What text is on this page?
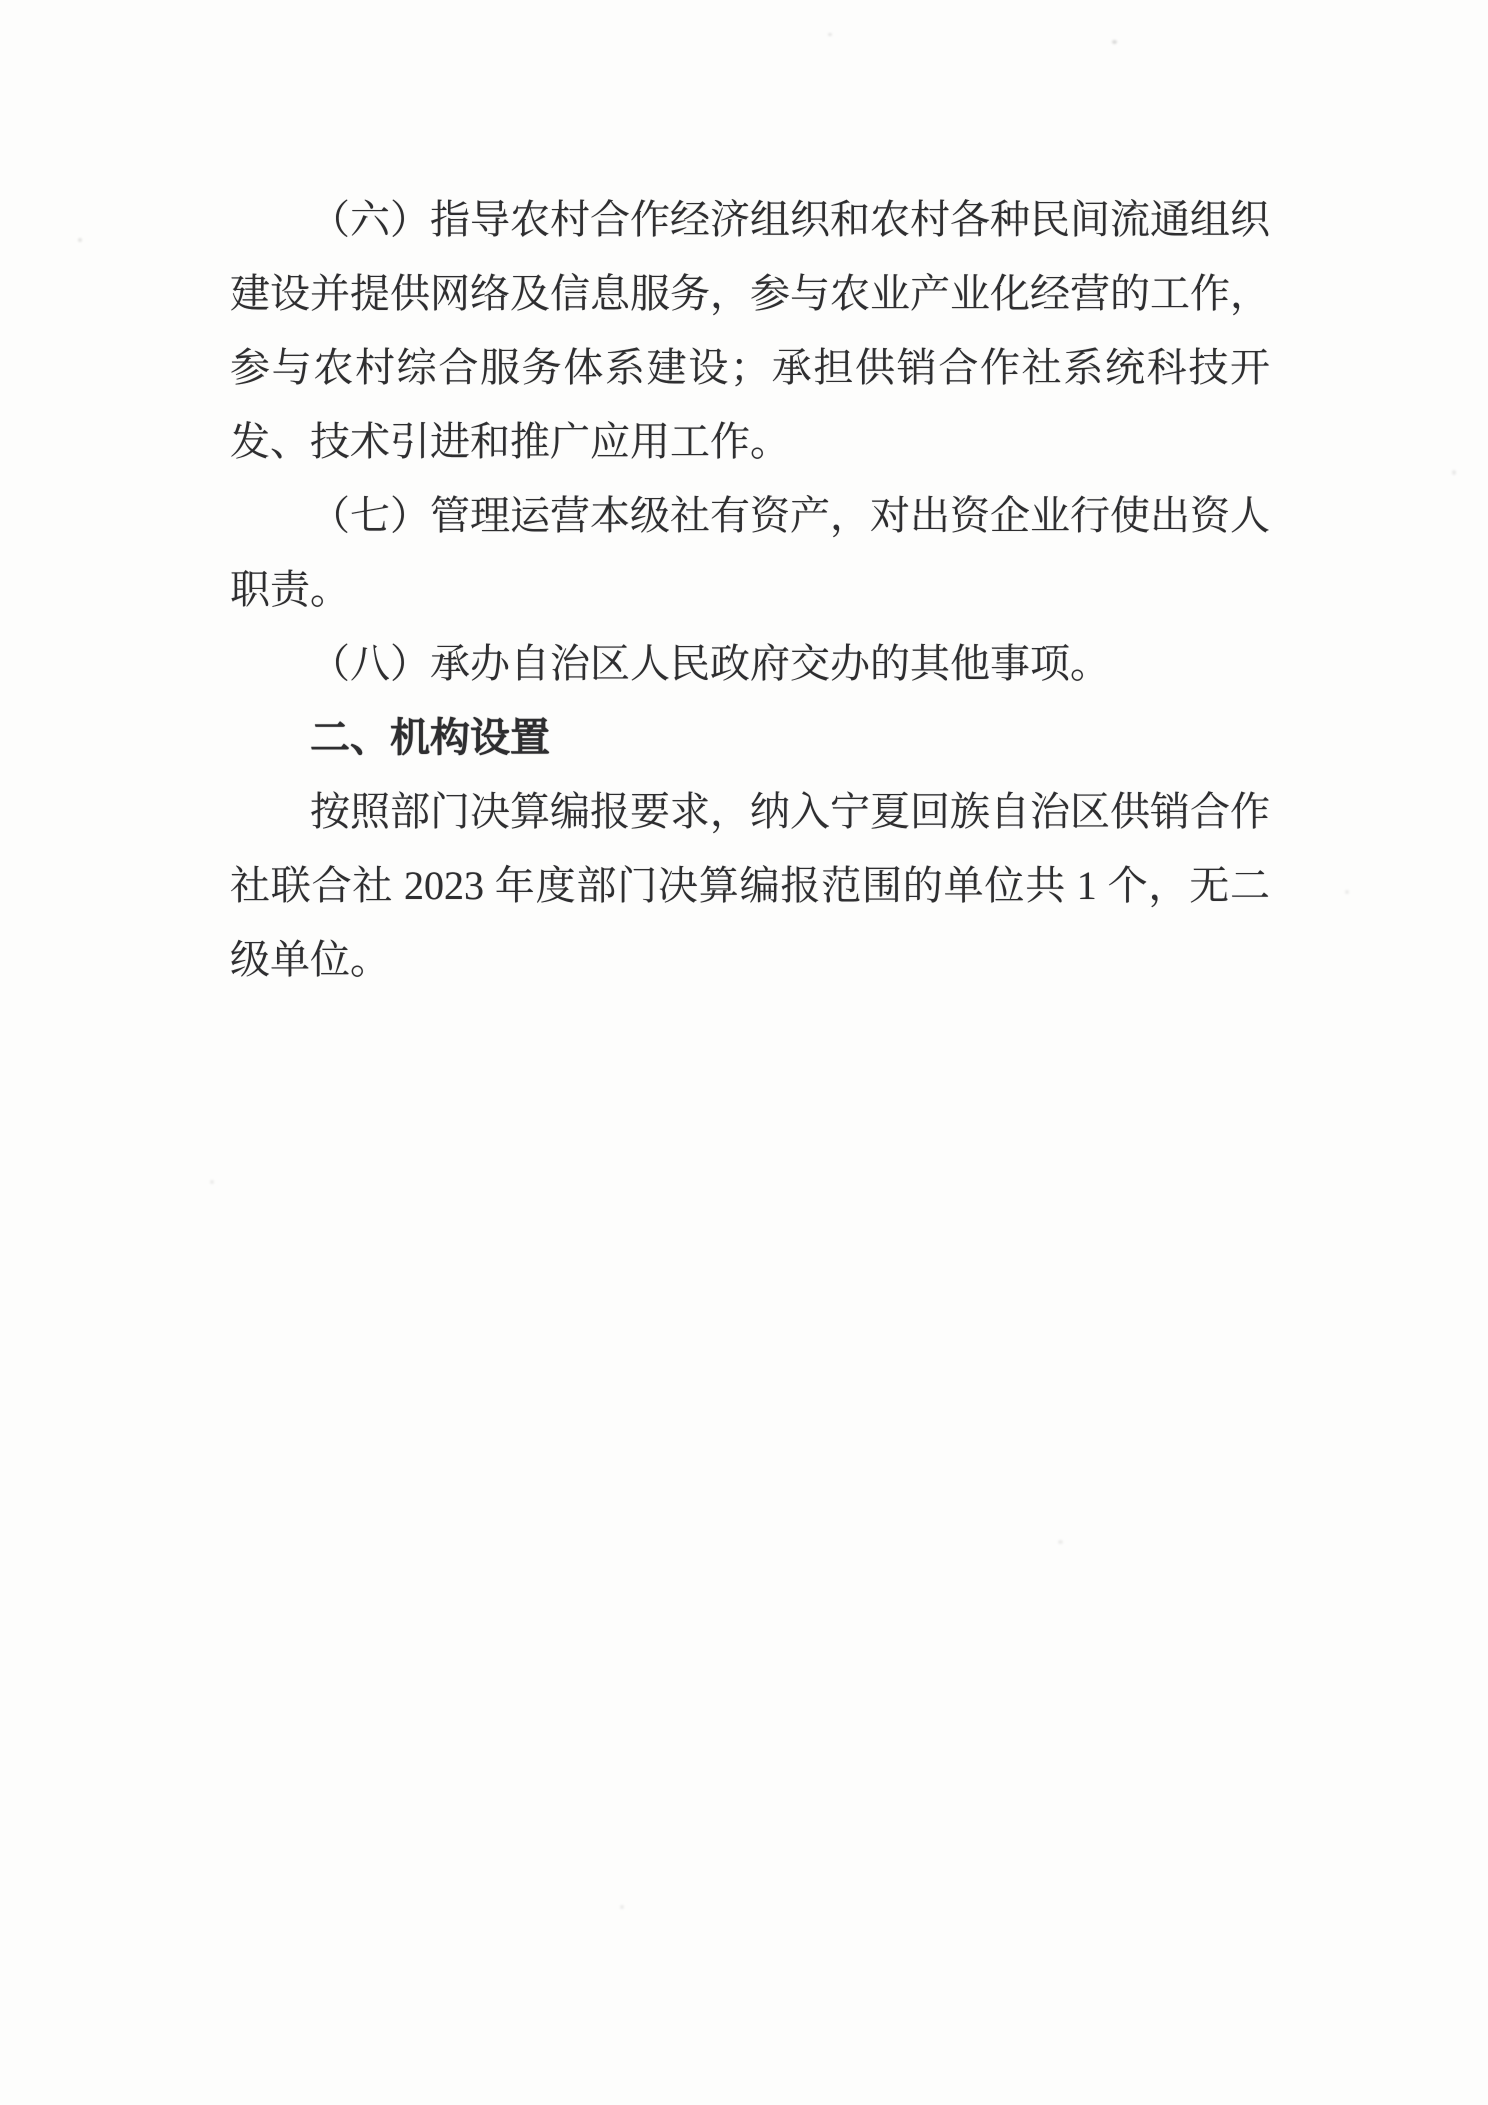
（六）指导农村合作经济组织和农村各种民间流通组织
建设并提供网络及信息服务，参与农业产业化经营的工作，
参与农村综合服务体系建设；承担供销合作社系统科技开
发、技术引进和推广应用工作。
（七）管理运营本级社有资产，对出资企业行使出资人
职责。
（八）承办自治区人民政府交办的其他事项。
二、机构设置
按照部门决算编报要求，纳入宁夏回族自治区供销合作
社联合社 2023 年度部门决算编报范围的单位共 1 个，无二
级单位。
